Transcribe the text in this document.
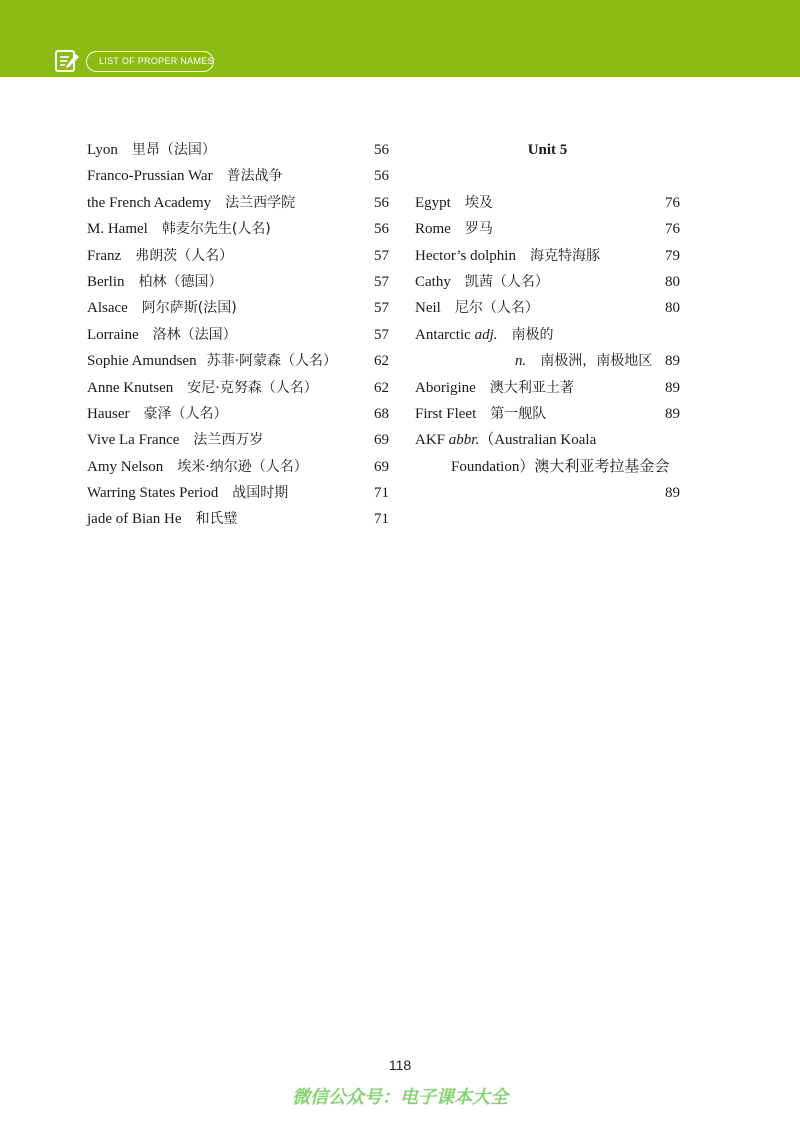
LIST OF PROPER NAMES
Lyon 里昂（法国）	56
Franco-Prussian War 普法战争	56
the French Academy 法兰西学院	56
M. Hamel 韩麦尔先生(人名)	56
Franz 弗朗茨（人名）	57
Berlin 柏林（德国）	57
Alsace 阿尔萨斯(法国)	57
Lorraine 洛林（法国）	57
Sophie Amundsen 苏菲·阿蒙森（人名） 62
Anne Knutsen 安尼·克努森（人名）	62
Hauser 豪泽（人名）	68
Vive La France 法兰西万岁	69
Amy Nelson 埃米·纳尔逊（人名）	69
Warring States Period 战国时期	71
jade of Bian He 和氏璧	71
Unit 5
Egypt 埃及	76
Rome 罗马	76
Hector’s dolphin 海克特海豚	79
Cathy 凯茜（人名）	80
Neil 尼尔（人名）	80
Antarctic adj. 南极的
n. 南极洲，南极地区 89
Aborigine 澳大利亚土著	89
First Fleet 第一舰队	89
AKF abbr.（Australian Koala
Foundation）澳大利亚考拉基金会
89
118
微信公众号：电子课本大全
